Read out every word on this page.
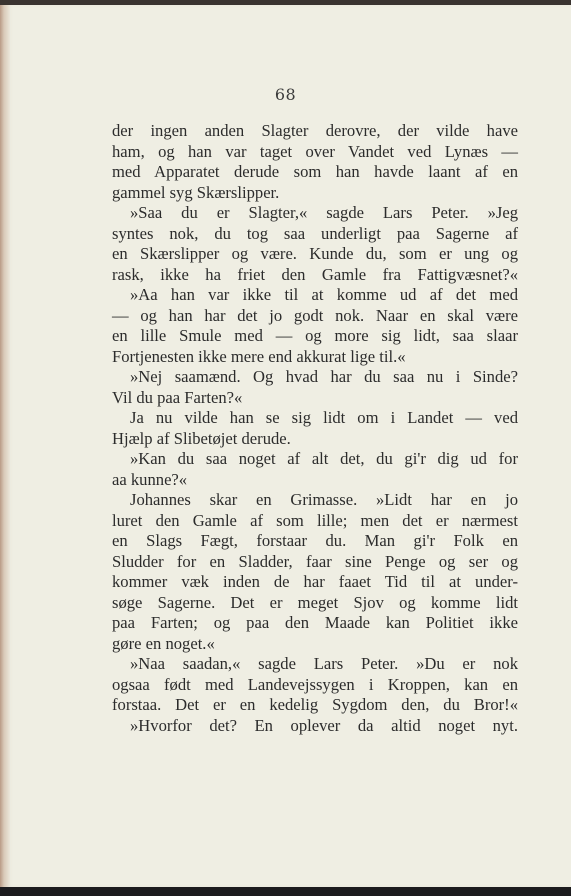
68
der ingen anden Slagter derovre, der vilde have
ham, og han var taget over Vandet ved Lynæs —
med Apparatet derude som han havde laant af en
gammel syg Skærslipper.
»Saa du er Slagter,« sagde Lars Peter. »Jeg
syntes nok, du tog saa underligt paa Sagerne af
en Skærslipper og være. Kunde du, som er ung og
rask, ikke ha friet den Gamle fra Fattigvæsnet?«
»Aa han var ikke til at komme ud af det med
— og han har det jo godt nok. Naar en skal være
en lille Smule med — og more sig lidt, saa slaar
Fortjenesten ikke mere end akkurat lige til.«
»Nej saamænd. Og hvad har du saa nu i Sinde?
Vil du paa Farten?«
Ja nu vilde han se sig lidt om i Landet — ved
Hjælp af Slibetøjet derude.
»Kan du saa noget af alt det, du gi'r dig ud for
aa kunne?«
Johannes skar en Grimasse. »Lidt har en jo
luret den Gamle af som lille; men det er nærmest
en Slags Fægt, forstaar du. Man gi'r Folk en
Sludder for en Sladder, faar sine Penge og ser og
kommer væk inden de har faaet Tid til at under-
søge Sagerne. Det er meget Sjov og komme lidt
paa Farten; og paa den Maade kan Politiet ikke
gøre en noget.«
»Naa saadan,« sagde Lars Peter. »Du er nok
ogsaa født med Landevejssygen i Kroppen, kan en
forstaa. Det er en kedelig Sygdom den, du Bror!«
»Hvorfor det? En oplever da altid noget nyt.
